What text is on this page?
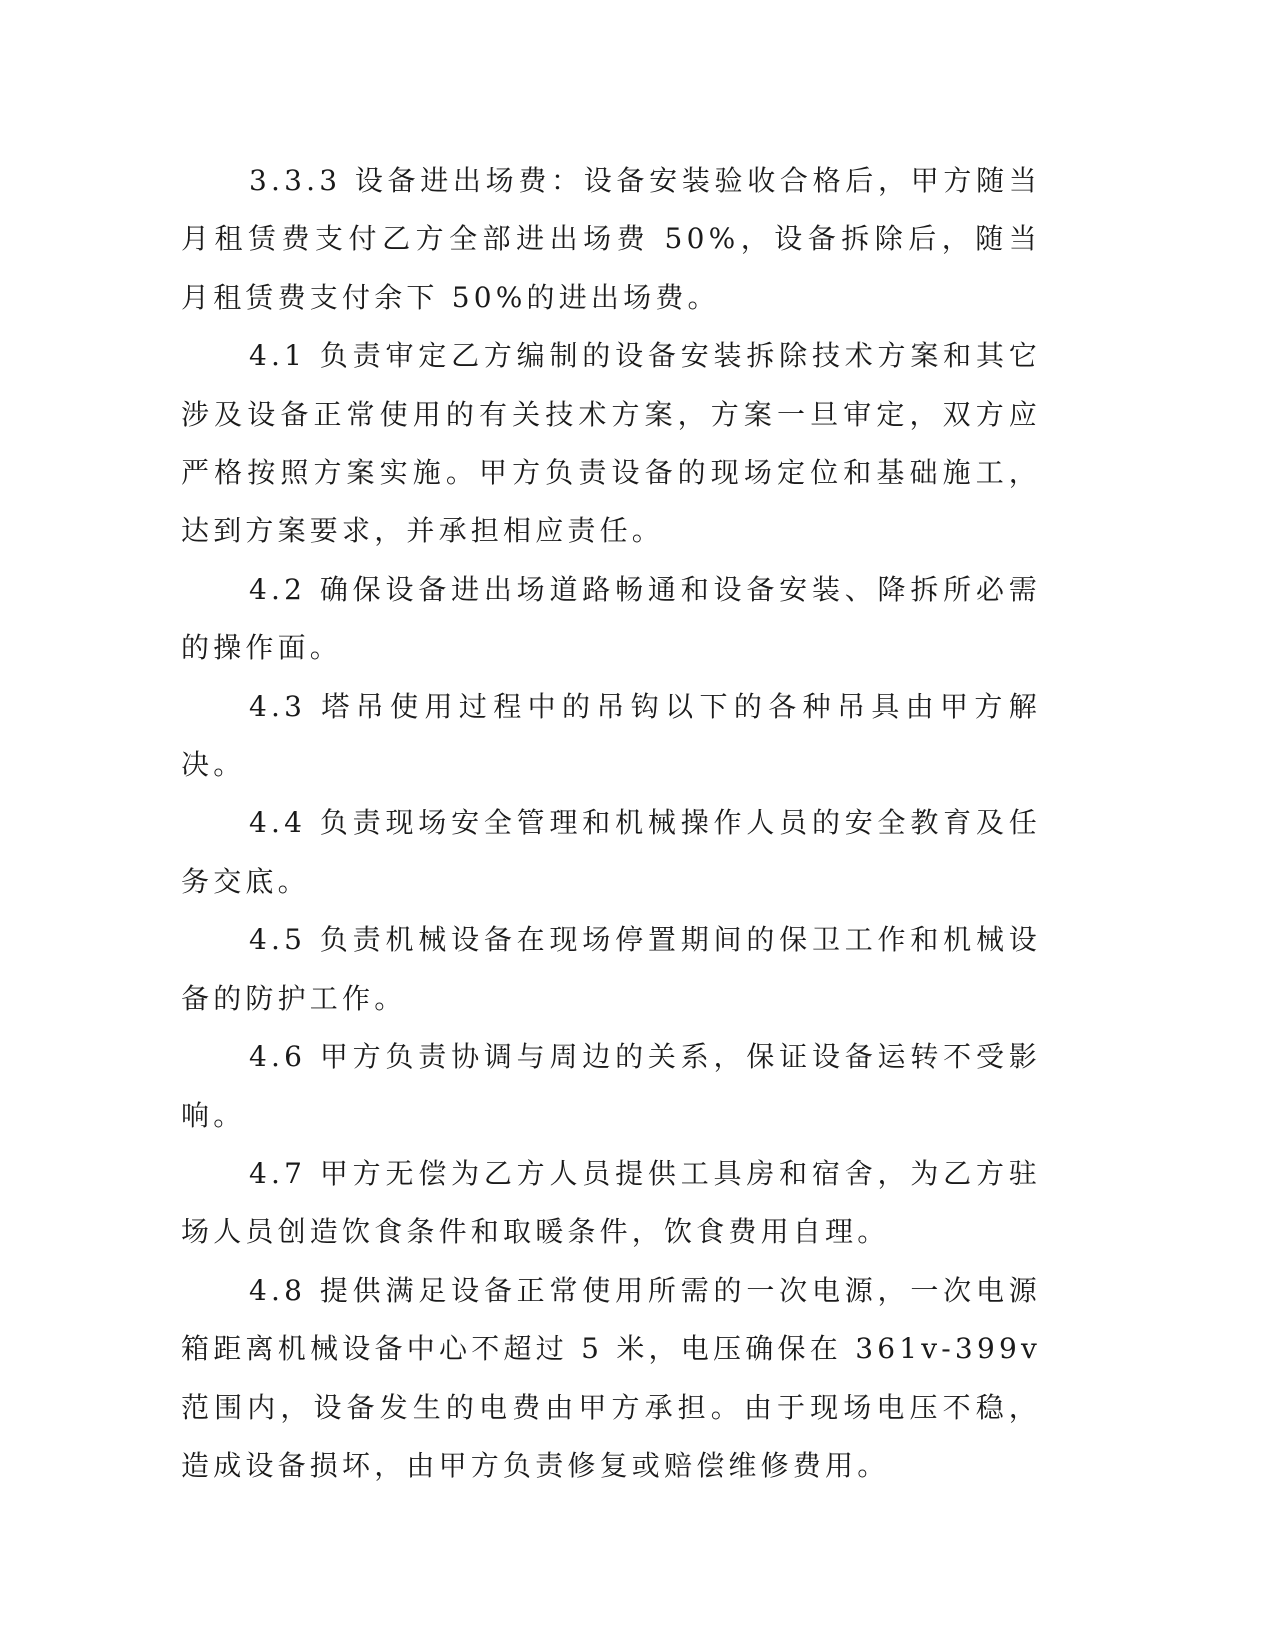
3.3.3 设备进出场费：设备安装验收合格后，甲方随当月租赁费支付乙方全部进出场费 50%，设备拆除后，随当月租赁费支付余下 50%的进出场费。

4.1 负责审定乙方编制的设备安装拆除技术方案和其它涉及设备正常使用的有关技术方案，方案一旦审定，双方应严格按照方案实施。甲方负责设备的现场定位和基础施工，达到方案要求，并承担相应责任。

4.2 确保设备进出场道路畅通和设备安装、降拆所必需的操作面。

4.3 塔吊使用过程中的吊钩以下的各种吊具由甲方解决。

4.4 负责现场安全管理和机械操作人员的安全教育及任务交底。

4.5 负责机械设备在现场停置期间的保卫工作和机械设备的防护工作。

4.6 甲方负责协调与周边的关系，保证设备运转不受影响。

4.7 甲方无偿为乙方人员提供工具房和宿舍，为乙方驻场人员创造饮食条件和取暖条件，饮食费用自理。

4.8 提供满足设备正常使用所需的一次电源，一次电源箱距离机械设备中心不超过 5 米，电压确保在 361v-399v 范围内，设备发生的电费由甲方承担。由于现场电压不稳，造成设备损坏，由甲方负责修复或赔偿维修费用。
